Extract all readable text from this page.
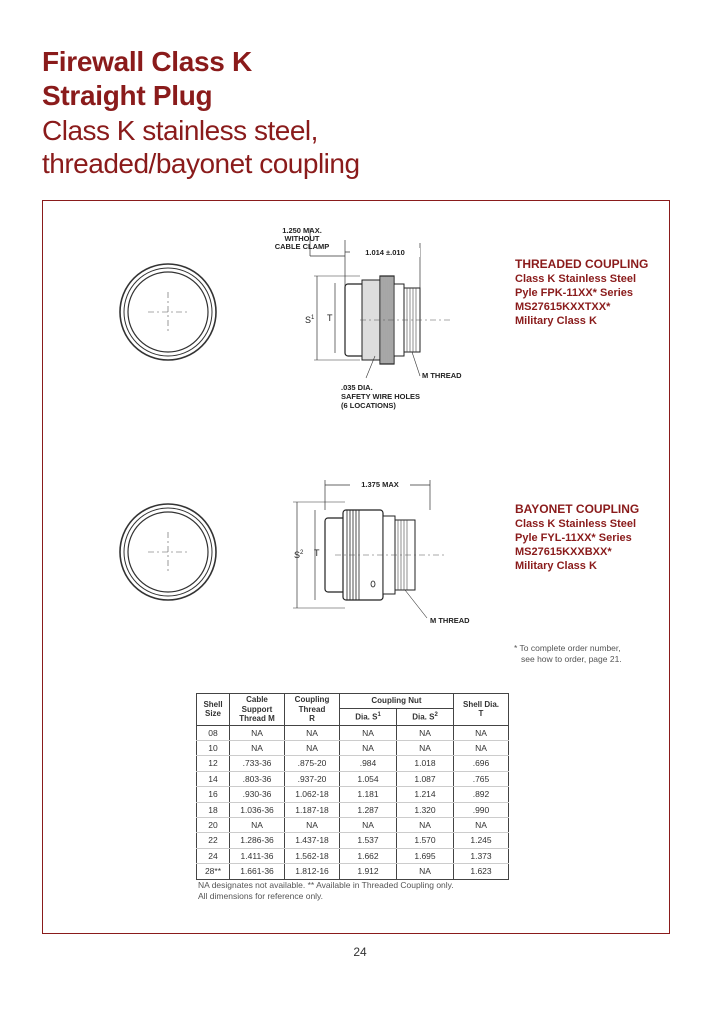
Firewall Class K
Straight Plug
Class K stainless steel,
threaded/bayonet coupling
1.250 MAX.
WITHOUT
CABLE CLAMP
1.014 ±.010
$S^1$ T
M THREAD
.035 DIA.
SAFETY WIRE HOLES
(6 LOCATIONS)
THREADED COUPLING
Class K Stainless Steel
Pyle FPK-11XX* Series
MS27615KXXTXX*
Military Class K
1.375 MAX
$S^2$ T
M THREAD
BAYONET COUPLING
Class K Stainless Steel
Pyle FYL-11XX* Series
MS27615KXXBXX*
Military Class K
* To complete order number,
see how to order, page 21.
Shell
Size	Cable
Support
Thread M	Coupling
Thread
R	Coupling Nut		Shell Dia.
T
			Dia. $S^1$	Dia. $S^2$
08	NA	NA	NA	NA	NA
10	NA	NA	NA	NA	NA
12	.733-36	.875-20	.984	1.018	.696
14	.803-36	.937-20	1.054	1.087	.765
16	.930-36	1.062-18	1.181	1.214	.892
18	1.036-36	1.187-18	1.287	1.320	.990
20	NA	NA	NA	NA	NA
22	1.286-36	1.437-18	1.537	1.570	1.245
24	1.411-36	1.562-18	1.662	1.695	1.373
28**	1.661-36	1.812-16	1.912	NA	1.623
NA designates not available. ** Available in Threaded Coupling only.
All dimensions for reference only.
24
